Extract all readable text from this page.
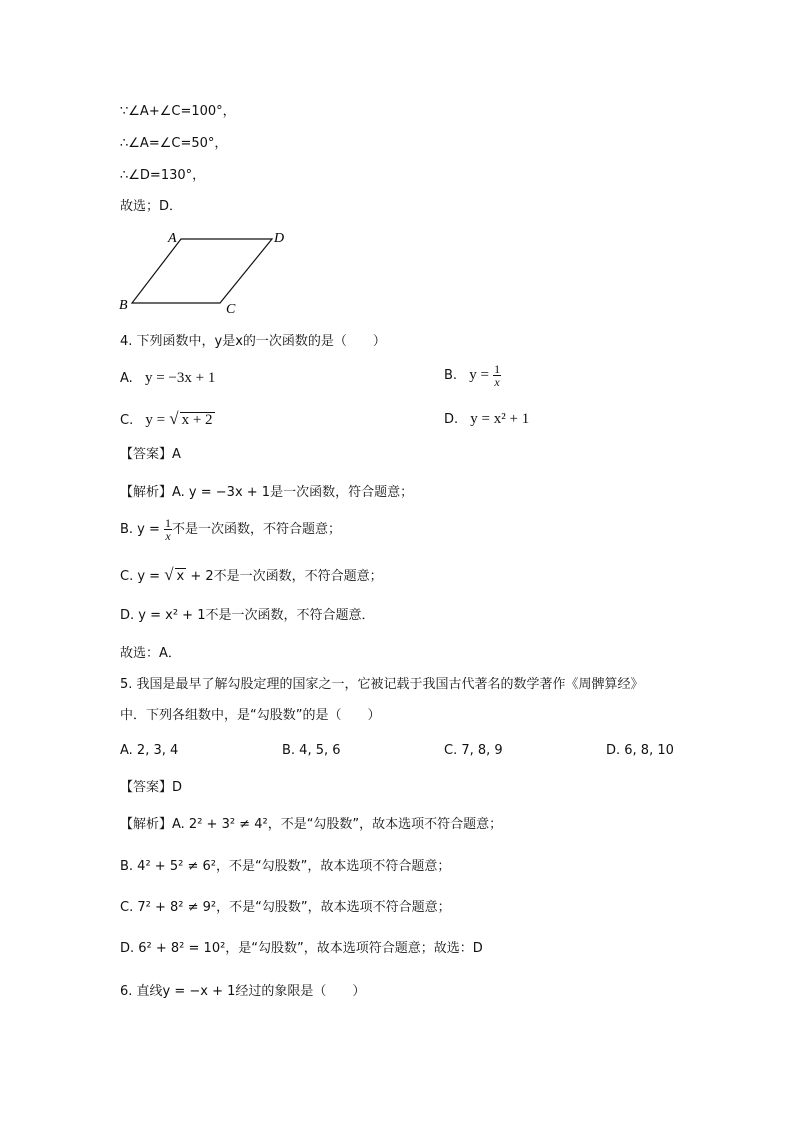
∵∠A+∠C=100°，
∴∠A=∠C=50°，
∴∠D=130°，
故选；D．
A	D
B	C
4. 下列函数中，y是x的一次函数的是（　　）
A. y = −3x + 1	B. $y = \frac{1}{x}$
C. y = √ x + 2	D. y = x² + 1
【答案】A
【解析】A. y = −3x + 1是一次函数，符合题意；
B. $y = \frac{1}{x}$ 不是一次函数，不符合题意；
C. y = √ x + 2不是一次函数，不符合题意；
D. y = x² + 1不是一次函数，不符合题意．
故选：A．
5. 我国是最早了解勾股定理的国家之一，它被记载于我国古代著名的数学著作《周髀算经》
中．下列各组数中，是“勾股数”的是（　　）
A. 2, 3, 4	B. 4, 5, 6	C. 7, 8, 9	D. 6, 8, 10
【答案】D
【解析】A. 2² + 3² ≠ 4²，不是“勾股数”，故本选项不符合题意；
B. 4² + 5² ≠ 6²，不是“勾股数”，故本选项不符合题意；
C. 7² + 8² ≠ 9²，不是“勾股数”，故本选项不符合题意；
D. 6² + 8² = 10²，是“勾股数”，故本选项符合题意；故选：D
6. 直线y = −x + 1经过的象限是（　　）
